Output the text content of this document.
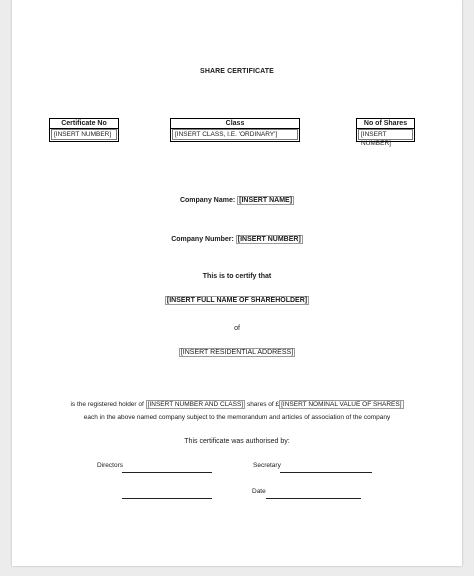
SHARE CERTIFICATE
Certificate No
[INSERT NUMBER]
Class
[INSERT CLASS, I.E. 'ORDINARY']
No of Shares
[INSERT NUMBER]
Company Name: [INSERT NAME]
Company Number: [INSERT NUMBER]
This is to certify that
[INSERT FULL NAME OF SHAREHOLDER]
of
[INSERT RESIDENTIAL ADDRESS]
is the registered holder of [INSERT NUMBER AND CLASS] shares of £ [INSERT NOMINAL VALUE OF SHARES]
each in the above named company subject to the memorandum and articles of association of the company
This certificate was authorised by:
Directors	Secretary
Date
